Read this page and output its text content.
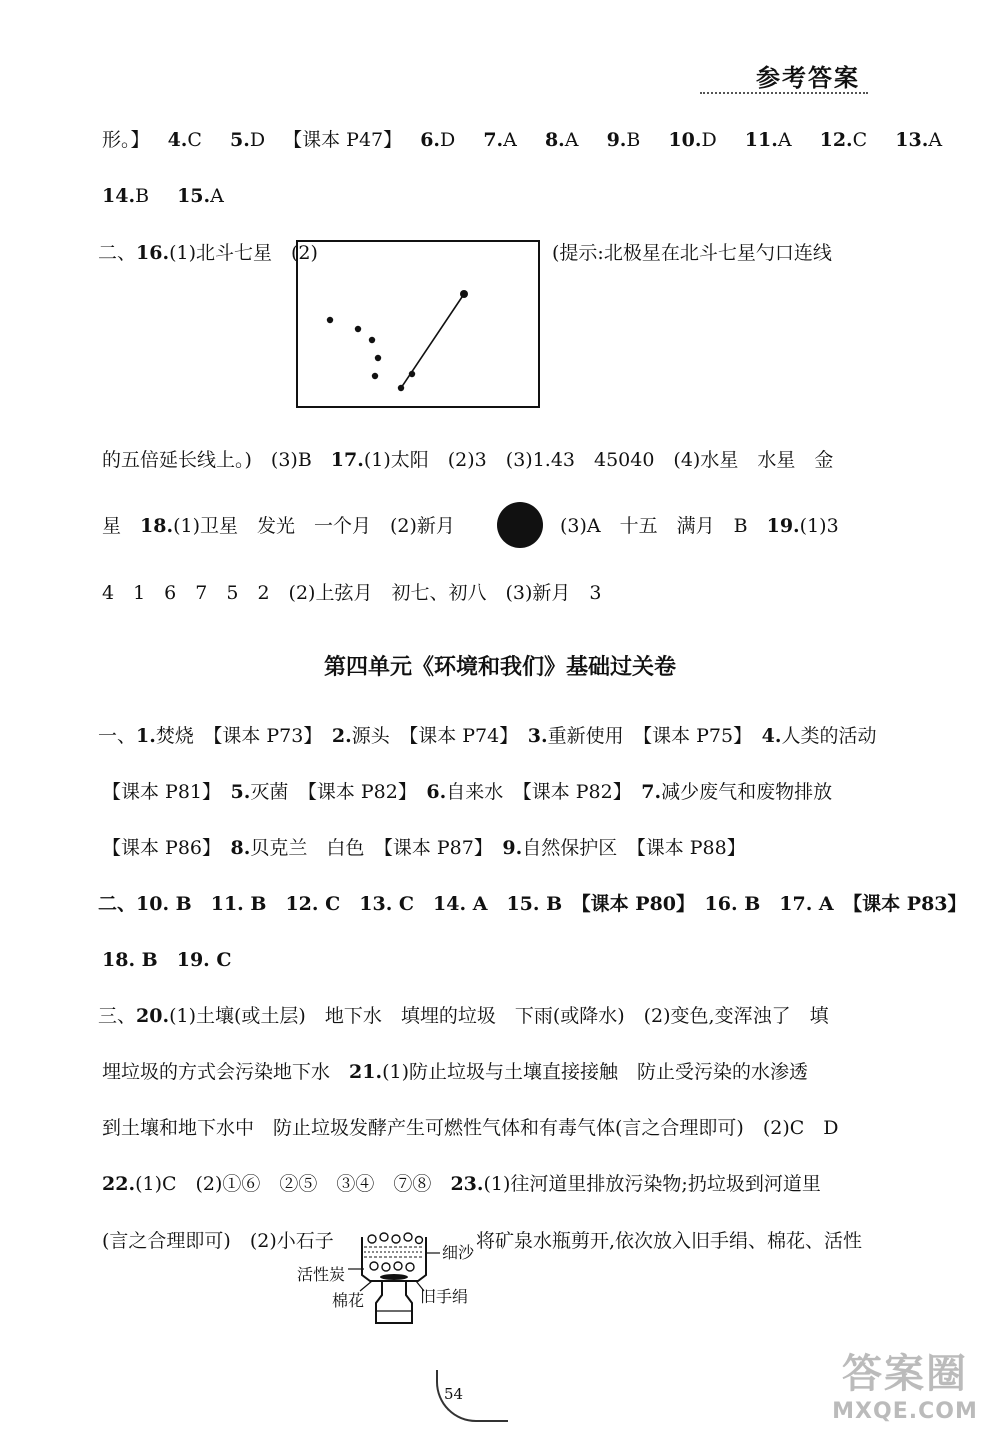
参考答案
形。】 4.C 5.D 【课本 P47】 6.D 7.A 8.A 9.B 10.D 11.A 12.C 13.A
14.B 15.A
二、16.(1)北斗七星　(2)	(提示:北极星在北斗七星勺口连线
的五倍延长线上。)　(3)B　17.(1)太阳　(2)3　(3)1.43　45040　(4)水星　水星　金
星　18.(1)卫星　发光　一个月　(2)新月	(3)A　十五　满月　B　19.(1)3
4　1　6　7　5　2　(2)上弦月　初七、初八　(3)新月　3
第四单元《环境和我们》基础过关卷
一、1.焚烧　【课本 P73】　2.源头　【课本 P74】　3.重新使用　【课本 P75】　4.人类的活动
【课本 P81】　5.灭菌　【课本 P82】　6.自来水　【课本 P82】　7.减少废气和废物排放
【课本 P86】　8.贝克兰　白色　【课本 P87】　9.自然保护区　【课本 P88】
二、10. B　11. B　12. C　13. C　14. A　15. B　【课本 P80】　16. B　17. A　【课本 P83】
18. B　19. C
三、20.(1)土壤(或土层)　地下水　填埋的垃圾　下雨(或降水)　(2)变色,变浑浊了　填
埋垃圾的方式会污染地下水　21.(1)防止垃圾与土壤直接接触　防止受污染的水渗透
到土壤和地下水中　防止垃圾发酵产生可燃性气体和有毒气体(言之合理即可)　(2)C　D
22.(1)C　(2)①⑥　②⑤　③④　⑦⑧　23.(1)往河道里排放污染物;扔垃圾到河道里
(言之合理即可)　(2)小石子	将矿泉水瓶剪开,依次放入旧手绢、棉花、活性
细沙
活性炭
棉花	旧手绢
54	答案圈
MXQE.COM
